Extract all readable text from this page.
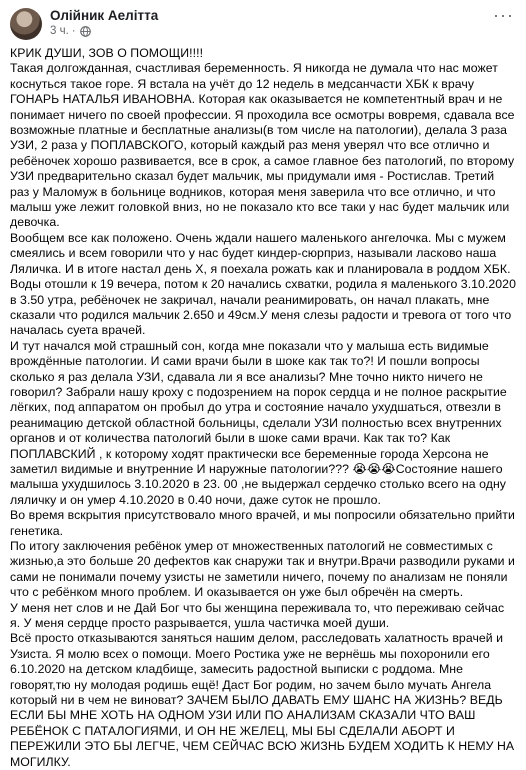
Олійник Аелітта
3 ч. ·
···

КРИК ДУШИ, ЗОВ О ПОМОЩИ!!!!

Такая долгожданная, счастливая беременность. Я никогда не думала что нас может коснуться такое горе. Я встала на учёт до 12 недель в медсанчасти ХБК к врачу ГОНАРЬ НАТАЛЬЯ ИВАНОВНА. Которая как оказывается не компетентный врач и не понимает ничего по своей профессии. Я проходила все осмотры вовремя, сдавала все возможные платные и бесплатные анализы(в том числе на патологии), делала 3 раза УЗИ, 2 раза у ПОПЛАВСКОГО, который каждый раз меня уверял что все отлично и ребёночек хорошо развивается, все в срок, а самое главное без патологий, по второму УЗИ предварительно сказал будет мальчик, мы придумали имя - Ростислав. Третий раз у Маломуж в больнице водников, которая меня заверила что все отлично, и что малыш уже лежит головкой вниз, но не показало кто все таки у нас будет мальчик или девочка.

Вообщем все как положено. Очень ждали нашего маленького ангелочка. Мы с мужем смеялись и всем говорили что у нас будет киндер-сюрприз, называли ласково наша Ляличка. И в итоге настал день Х, я поехала рожать как и планировала в роддом ХБК. Воды отошли к 19 вечера, потом к 20 начались схватки, родила я маленького 3.10.2020 в 3.50 утра, ребёночек не закричал, начали реанимировать, он начал плакать, мне сказали что родился мальчик 2.650 и 49см.У меня слезы радости и тревога от того что началась суета врачей.

И тут начался мой страшный сон, когда мне показали что у малыша есть видимые врождённые патологии. И сами врачи были в шоке как так то?! И пошли вопросы сколько я раз делала УЗИ, сдавала ли я все анализы? Мне точно никто ничего не говорил? Забрали нашу кроху с подозрением на порок сердца и не полное раскрытие лёгких, под аппаратом он пробыл до утра и состояние начало ухудшаться, отвезли в реанимацию детской областной больницы, сделали УЗИ полностью всех внутренних органов и от количества патологий были в шоке сами врачи. Как так то? Как ПОПЛАВСКИЙ , к которому ходят практически все беременные города Херсона не заметил видимые и внутренние И наружные патологии??? 😭😭😭Состояние нашего малыша ухудшилось 3.10.2020 в 23. 00 ,не выдержал сердечко столько всего на одну ляличку и он умер 4.10.2020 в 0.40 ночи, даже суток не прошло.

Во время вскрытия присутствовало много врачей, и мы попросили обязательно прийти генетика.

По итогу заключения ребёнок умер от множественных патологий не совместимых с жизнью,а это больше 20 дефектов как снаружи так и внутри.Врачи разводили руками и сами не понимали почему узисты не заметили ничего, почему по анализам не поняли что с ребёнком много проблем. И оказывается он уже был обречён на смерть.

У меня нет слов и не Дай Бог что бы женщина переживала то, что переживаю сейчас я. У меня сердце просто разрывается, ушла частичка моей души.

Всё просто отказываются заняться нашим делом, расследовать халатность врачей и Узиста. Я молю всех о помощи. Моего Ростика уже не вернёшь мы похоронили его 6.10.2020 на детском кладбище, замесить радостной выписки с роддома. Мне говорят,тю ну молодая родишь ещё! Даст Бог родим, но зачем было мучать Ангела который ни в чем не виноват? ЗАЧЕМ БЫЛО ДАВАТЬ ЕМУ ШАНС НА ЖИЗНЬ? ВЕДЬ ЕСЛИ БЫ МНЕ ХОТЬ НА ОДНОМ УЗИ ИЛИ ПО АНАЛИЗАМ СКАЗАЛИ ЧТО ВАШ РЕБЁНОК С ПАТАЛОГИЯМИ, И ОН НЕ ЖЕЛЕЦ, МЫ БЫ СДЕЛАЛИ АБОРТ И ПЕРЕЖИЛИ ЭТО БЫ ЛЕГЧЕ, ЧЕМ СЕЙЧАС ВСЮ ЖИЗНЬ БУДЕМ ХОДИТЬ К НЕМУ НА МОГИЛКУ.
